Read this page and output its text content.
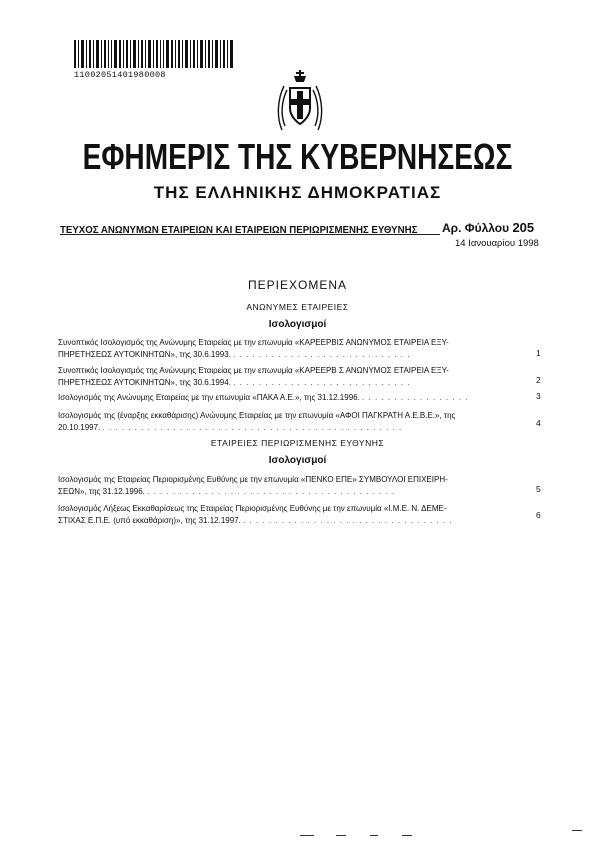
11002051401980008
ΕΦΗΜΕΡΙΣ ΤΗΣ ΚΥΒΕΡΝΗΣΕΩΣ
ΤΗΣ ΕΛΛΗΝΙΚΗΣ ΔΗΜΟΚΡΑΤΙΑΣ
ΤΕΥΧΟΣ ΑΝΩΝΥΜΩΝ ΕΤΑΙΡΕΙΩΝ ΚΑΙ ΕΤΑΙΡΕΙΩΝ ΠΕΡΙΩΡΙΣΜΕΝΗΣ ΕΥΘΥΝΗΣ Αρ. Φύλλου 205
14 Ιανουαρίου 1998
ΠΕΡΙΕΧΟΜΕΝΑ
ΑΝΩΝΥΜΕΣ ΕΤΑΙΡΕΙΕΣ
Ισολογισμοί
Συνοπτικός Ισολογισμός της Ανώνυμης Εταιρείας με την επωνυμία «ΚΑΡΕΕΡΒΙΣ ΑΝΩΝΥΜΟΣ ΕΤΑΙΡΕΙΑ ΕΞΥ-
ΠΗΡΕΤΗΣΕΩΣ ΑΥΤΟΚΙΝΗΤΩΝ», της 30.6.1993. . . . . . . . . . . . . . . . . . . . . . . . . . . . .	1
Συνοπτικός Ισολογισμός της Ανώνυμης Εταιρείας με την επωνυμία «ΚΑΡΕΕΡΒ Σ ΑΝΩΝΥΜΟΣ ΕΤΑΙΡΕΙΑ ΕΞΥ-
ΠΗΡΕΤΗΣΕΩΣ ΑΥΤΟΚΙΝΗΤΩΝ», της 30.6.1994. . . . . . . . . . . . . . . . . . . . . . . . . . . . .	2
Ισολογισμός της Ανώνυμης Εταιρείας με την επωνυμία «ΠΑΚΑ Α.Ε.», της 31.12.1996. . . . . . . . . . . . . . . . . .	3
Ισολογισμός της (έναρξης εκκαθάρισης) Ανώνυμης Εταιρείας με την επωνυμία «ΑΦΟΙ ΠΑΓΚΡΑΤΗ Α.Ε.Β.Ε.», της
20.10.1997. . . . . . . . . . . . . . . . . . . . . . . . . . . . . . . . . . . . . . . . . . . . . . . .	4
ΕΤΑΙΡΕΙΕΣ ΠΕΡΙΩΡΙΣΜΕΝΗΣ ΕΥΘΥΝΗΣ
Ισολογισμοί
Ισολογισμός της Εταιρείας Περιορισμένης Ευθύνης με την επωνυμία «ΠΕΝΚΟ ΕΠΕ» ΣΥΜΒΟΥΛΟΙ ΕΠΙΧΕΙΡΗ-
ΣΕΩΝ», της 31.12.1996. . . . . . . . . . . . . . . . . . . . . . . . . . . . . . . . . . . . . . . .	5
Ισολογισμός Λήξεως Εκκαθαρίσεως της Εταιρείας Περιορισμένης Ευθύνης με την επωνυμία «Ι.Μ.Ε. Ν. ΔΕΜΕ-
ΣΤΙΧΑΣ Ε.Π.Ε. (υπό εκκαθάριση)», της 31.12.1997. . . . . . . . . . . . . . . . . . . . . . . . . . . . . . . . . .
6
